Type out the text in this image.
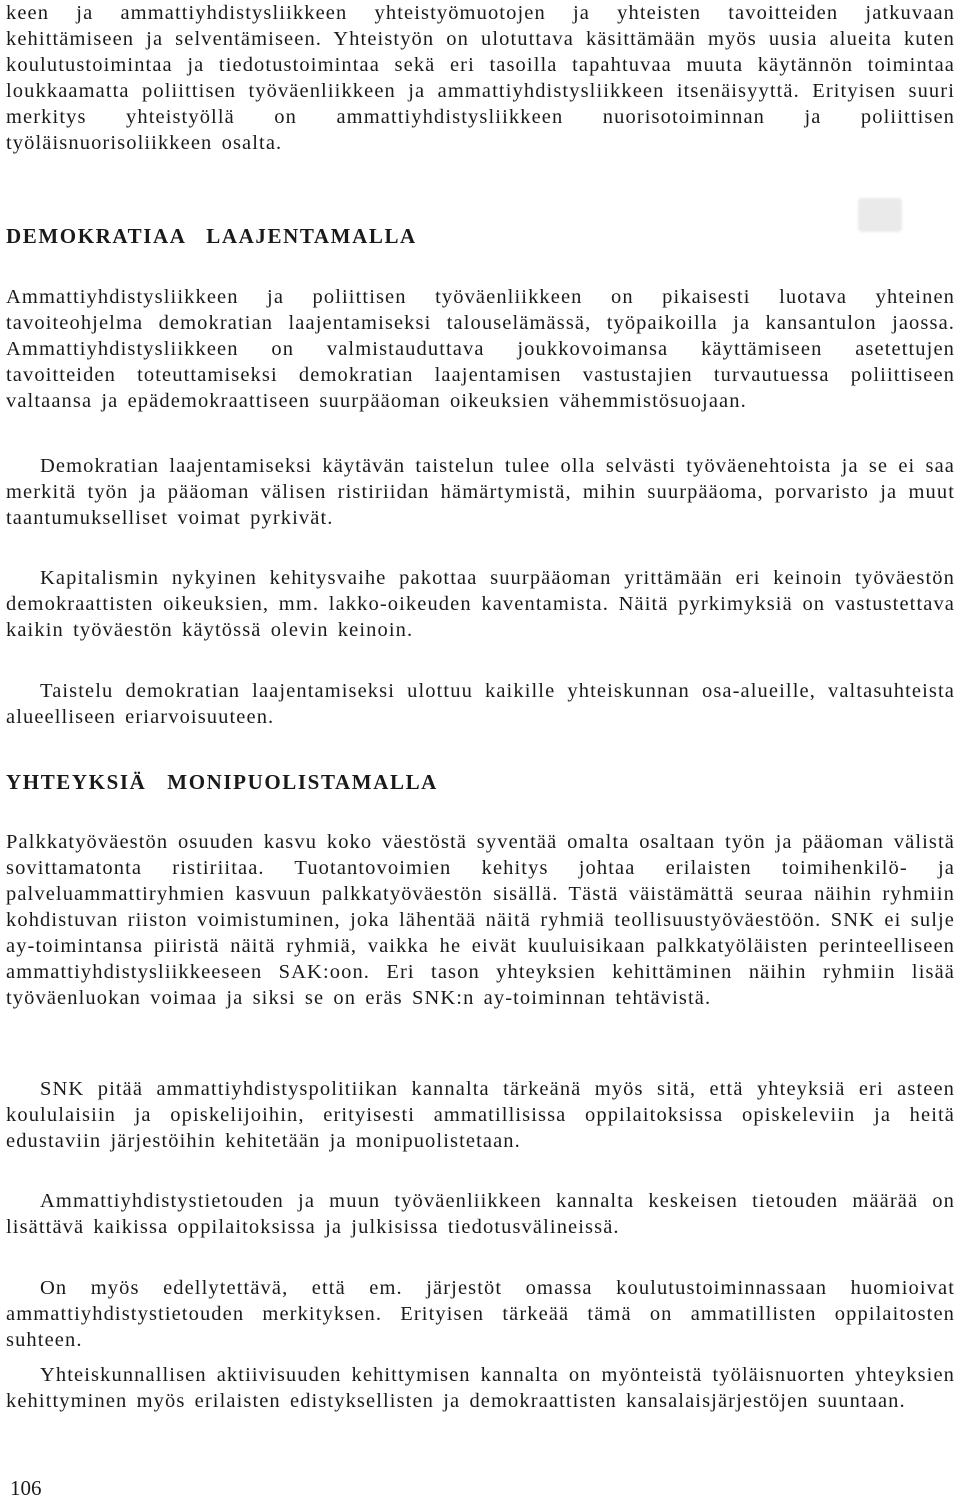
keen ja ammattiyhdistysliikkeen yhteistyömuotojen ja yhteisten tavoitteiden jatkuvaan kehittämiseen ja selventämiseen. Yhteistyön on ulotuttava käsittämään myös uusia alueita kuten koulutustoimintaa ja tiedotustoimintaa sekä eri tasoilla tapahtuvaa muuta käytännön toimintaa loukkaamatta poliittisen työväenliikkeen ja ammattiyhdistysliikkeen itsenäisyyttä. Erityisen suuri merkitys yhteistyöllä on ammattiyhdistysliikkeen nuorisotoiminnan ja poliittisen työläisnuorisoliikkeen osalta.

DEMOKRATIAA LAAJENTAMALLA

Ammattiyhdistysliikkeen ja poliittisen työväenliikkeen on pikaisesti luotava yhteinen tavoiteohjelma demokratian laajentamiseksi talouselämässä, työpaikoilla ja kansantulon jaossa. Ammattiyhdistysliikkeen on valmistauduttava joukkovoimansa käyttämiseen asetettujen tavoitteiden toteuttamiseksi demokratian laajentamisen vastustajien turvautuessa poliittiseen valtaansa ja epädemokraattiseen suurpääoman oikeuksien vähemmistösuojaan.

Demokratian laajentamiseksi käytävän taistelun tulee olla selvästi työväenehtoista ja se ei saa merkitä työn ja pääoman välisen ristiriidan hämärtymistä, mihin suurpääoma, porvaristo ja muut taantumukselliset voimat pyrkivät.

Kapitalismin nykyinen kehitysvaihe pakottaa suurpääoman yrittämään eri keinoin työväestön demokraattisten oikeuksien, mm. lakko-oikeuden kaventamista. Näitä pyrkimyksiä on vastustettava kaikin työväestön käytössä olevin keinoin.

Taistelu demokratian laajentamiseksi ulottuu kaikille yhteiskunnan osa-alueille, valtasuhteista alueelliseen eriarvoisuuteen.

YHTEYKSIÄ MONIPUOLISTAMALLA

Palkkatyöväestön osuuden kasvu koko väestöstä syventää omalta osaltaan työn ja pääoman välistä sovittamatonta ristiriitaa. Tuotantovoimien kehitys johtaa erilaisten toimihenkilö- ja palveluammattiryhmien kasvuun palkkatyöväestön sisällä. Tästä väistämättä seuraa näihin ryhmiin kohdistuvan riiston voimistuminen, joka lähentää näitä ryhmiä teollisuustyöväestöön. SNK ei sulje ay-toimintansa piiristä näitä ryhmiä, vaikka he eivät kuuluisikaan palkkatyöläisten perinteelliseen ammattiyhdistysliikkeeseen SAK:oon. Eri tason yhteyksien kehittäminen näihin ryhmiin lisää työväenluokan voimaa ja siksi se on eräs SNK:n ay-toiminnan tehtävistä.

SNK pitää ammattiyhdistyspolitiikan kannalta tärkeänä myös sitä, että yhteyksiä eri asteen koululaisiin ja opiskelijoihin, erityisesti ammatillisissa oppilaitoksissa opiskeleviin ja heitä edustaviin järjestöihin kehitetään ja monipuolistetaan.

Ammattiyhdistystietouden ja muun työväenliikkeen kannalta keskeisen tietouden määrää on lisättävä kaikissa oppilaitoksissa ja julkisissa tiedotusvälineissä.

On myös edellytettävä, että em. järjestöt omassa koulutustoiminnassaan huomioivat ammattiyhdistystietouden merkityksen. Erityisen tärkeää tämä on ammatillisten oppilaitosten suhteen.

Yhteiskunnallisen aktiivisuuden kehittymisen kannalta on myönteistä työläisnuorten yhteyksien kehittyminen myös erilaisten edistyksellisten ja demokraattisten kansalaisjärjestöjen suuntaan.

106
